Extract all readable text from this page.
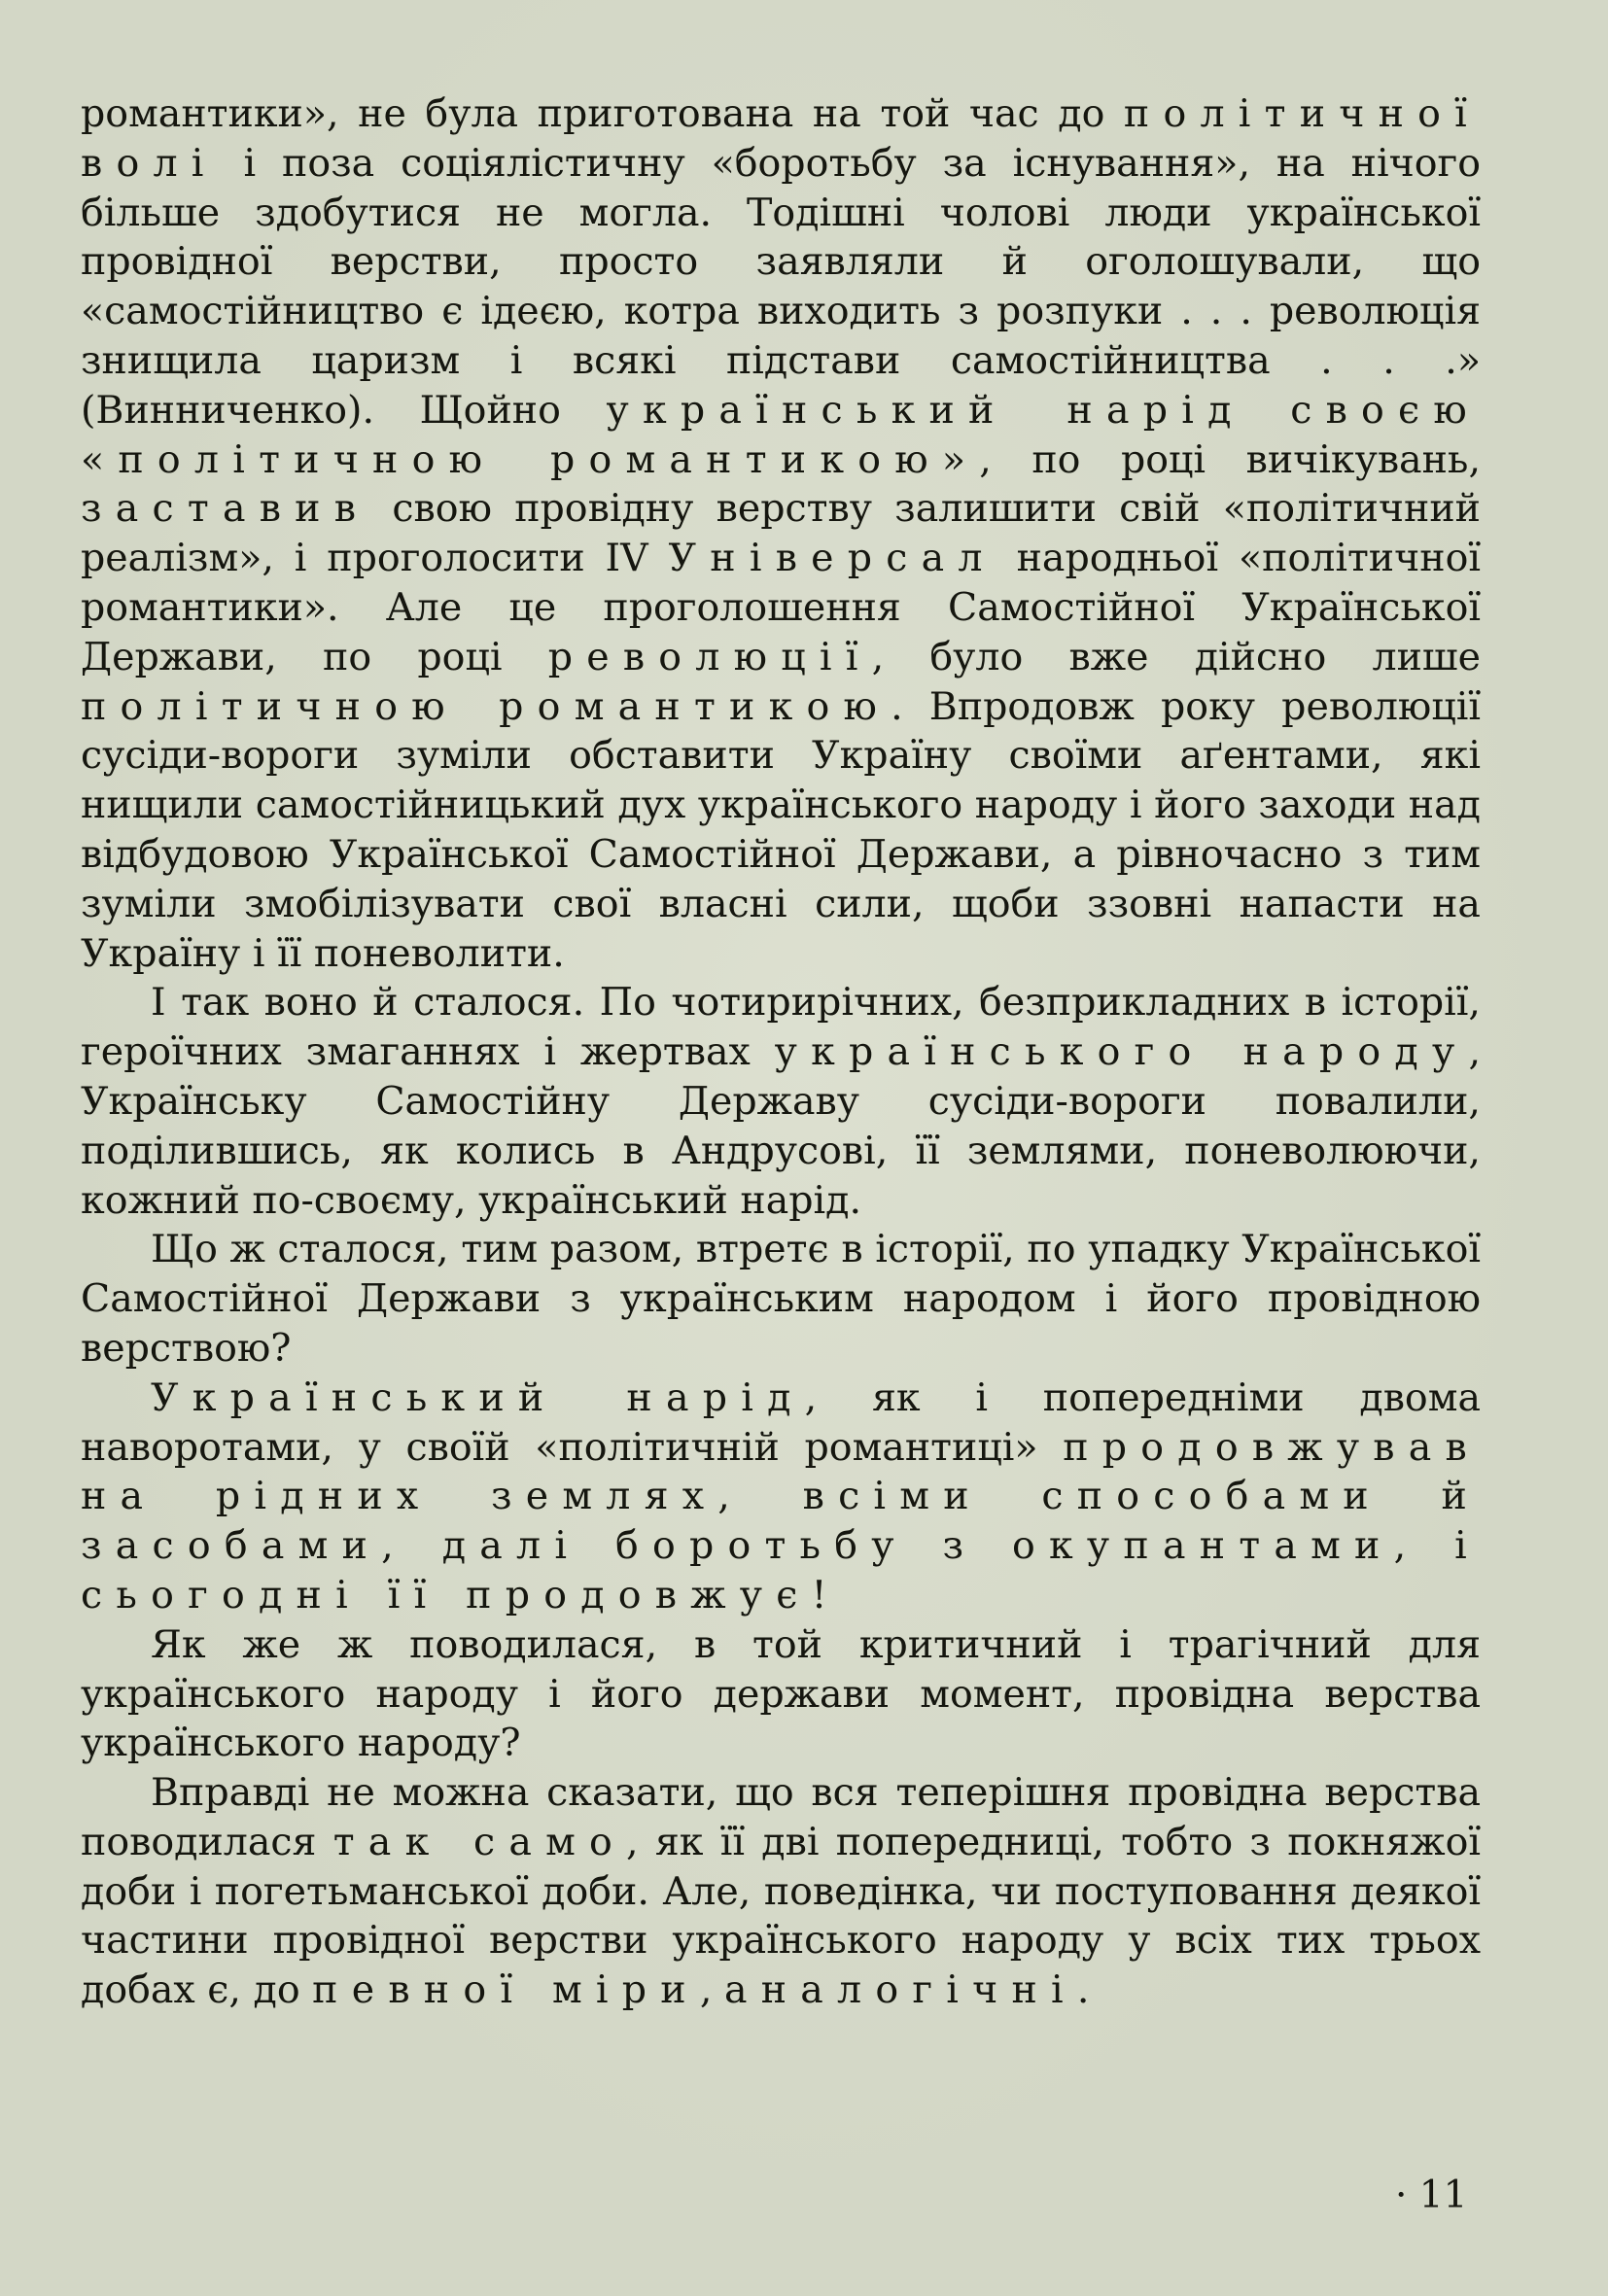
романтики», не була приготована на той час до політичної волі і поза соціялістичну «боротьбу за існування», на нічого більше здобутися не могла. Тодішні чолові люди української провідної верстви, просто заявляли й оголошували, що «самостійництво є ідеєю, котра виходить з розпуки . . . революція знищила царизм і всякі підстави самостійництва . . .» (Винниченко). Щойно український нарід своєю «політичною романтикою», по році вичікувань, заставив свою провідну верству залишити свій «політичний реалізм», і проголосити IV Універсал народньої «політичної романтики». Але це проголошення Самостійної Української Держави, по році революції, було вже дійсно лише політичною романтикою. Впродовж року революції сусіди-вороги зуміли обставити Україну своїми аґентами, які нищили самостійницький дух українського народу і його заходи над відбудовою Української Самостійної Держави, а рівночасно з тим зуміли змобілізувати свої власні сили, щоби ззовні напасти на Україну і її поневолити.

І так воно й сталося. По чотирирічних, безприкладних в історії, героїчних змаганнях і жертвах українського народу, Українську Самостійну Державу сусіди-вороги повалили, поділившись, як колись в Андрусові, її землями, поневолюючи, кожний по-своєму, український нарід.

Що ж сталося, тим разом, втретє в історії, по упадку Української Самостійної Держави з українським народом і його провідною верствою?

Український нарід, як і попередніми двома наворотами, у своїй «політичній романтиці» продовжував на рідних землях, всіми способами й засобами, далі боротьбу з окупантами, і сьогодні її продовжує!

Як же ж поводилася, в той критичний і трагічний для українського народу і його держави момент, провідна верства українського народу?

Вправді не можна сказати, що вся теперішня провідна верства поводилася так само, як її дві попередниці, тобто з покняжої доби і погетьманської доби. Але, поведінка, чи поступовання деякої частини провідної верстви українського народу у всіх тих трьох добах є, до певної міри, аналогічні.

· 11
